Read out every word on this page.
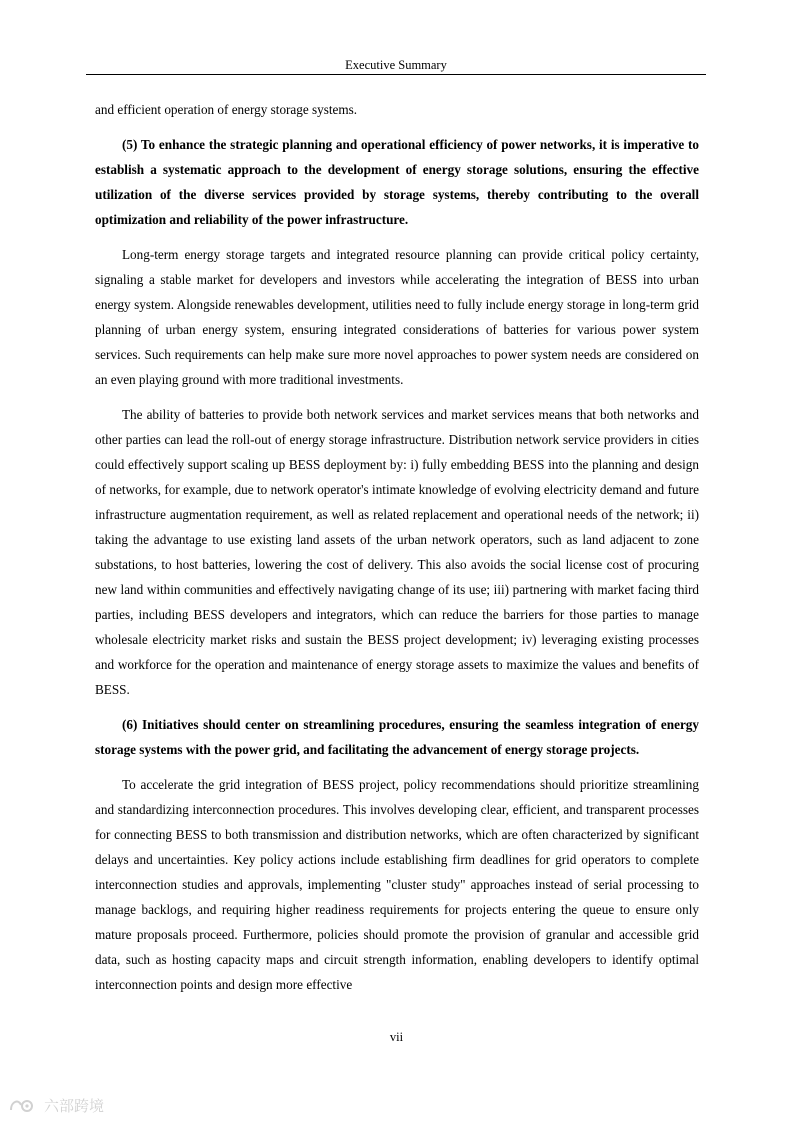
Executive Summary

and efficient operation of energy storage systems.

(5) To enhance the strategic planning and operational efficiency of power networks, it is imperative to establish a systematic approach to the development of energy storage solutions, ensuring the effective utilization of the diverse services provided by storage systems, thereby contributing to the overall optimization and reliability of the power infrastructure.

Long-term energy storage targets and integrated resource planning can provide critical policy certainty, signaling a stable market for developers and investors while accelerating the integration of BESS into urban energy system. Alongside renewables development, utilities need to fully include energy storage in long-term grid planning of urban energy system, ensuring integrated considerations of batteries for various power system services. Such requirements can help make sure more novel approaches to power system needs are considered on an even playing ground with more traditional investments.

The ability of batteries to provide both network services and market services means that both networks and other parties can lead the roll-out of energy storage infrastructure. Distribution network service providers in cities could effectively support scaling up BESS deployment by: i) fully embedding BESS into the planning and design of networks, for example, due to network operator's intimate knowledge of evolving electricity demand and future infrastructure augmentation requirement, as well as related replacement and operational needs of the network; ii) taking the advantage to use existing land assets of the urban network operators, such as land adjacent to zone substations, to host batteries, lowering the cost of delivery. This also avoids the social license cost of procuring new land within communities and effectively navigating change of its use; iii) partnering with market facing third parties, including BESS developers and integrators, which can reduce the barriers for those parties to manage wholesale electricity market risks and sustain the BESS project development; iv) leveraging existing processes and workforce for the operation and maintenance of energy storage assets to maximize the values and benefits of BESS.

(6) Initiatives should center on streamlining procedures, ensuring the seamless integration of energy storage systems with the power grid, and facilitating the advancement of energy storage projects.

To accelerate the grid integration of BESS project, policy recommendations should prioritize streamlining and standardizing interconnection procedures. This involves developing clear, efficient, and transparent processes for connecting BESS to both transmission and distribution networks, which are often characterized by significant delays and uncertainties. Key policy actions include establishing firm deadlines for grid operators to complete interconnection studies and approvals, implementing "cluster study" approaches instead of serial processing to manage backlogs, and requiring higher readiness requirements for projects entering the queue to ensure only mature proposals proceed. Furthermore, policies should promote the provision of granular and accessible grid data, such as hosting capacity maps and circuit strength information, enabling developers to identify optimal interconnection points and design more effective

vii
六部跨境
